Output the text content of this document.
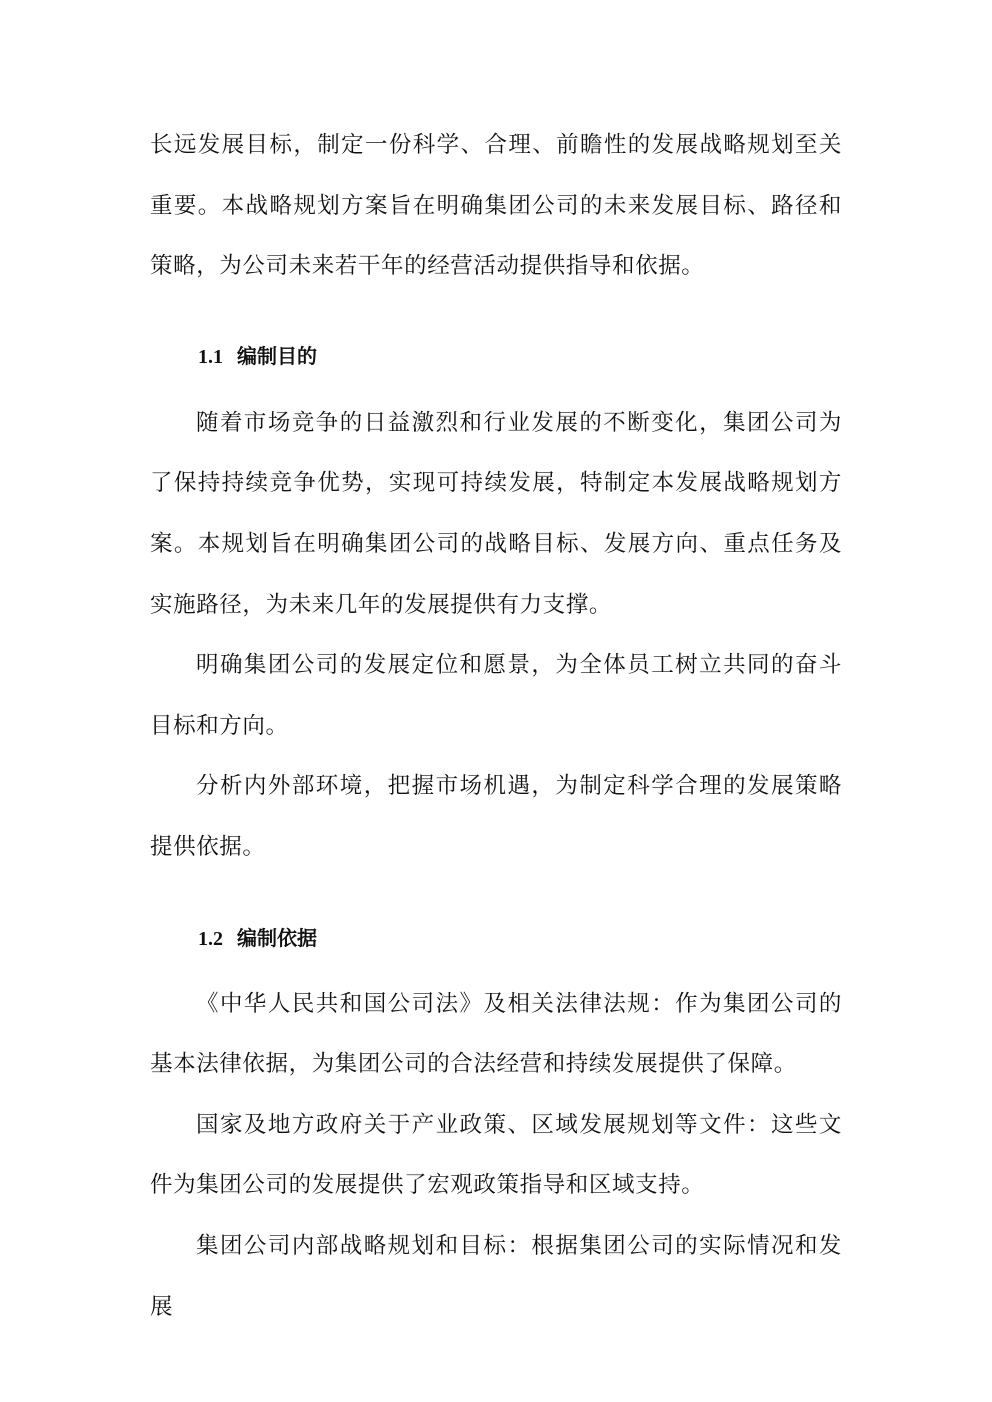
长远发展目标，制定一份科学、合理、前瞻性的发展战略规划至关重要。本战略规划方案旨在明确集团公司的未来发展目标、路径和策略，为公司未来若干年的经营活动提供指导和依据。

1.1 编制目的

随着市场竞争的日益激烈和行业发展的不断变化，集团公司为了保持持续竞争优势，实现可持续发展，特制定本发展战略规划方案。本规划旨在明确集团公司的战略目标、发展方向、重点任务及实施路径，为未来几年的发展提供有力支撑。

明确集团公司的发展定位和愿景，为全体员工树立共同的奋斗目标和方向。

分析内外部环境，把握市场机遇，为制定科学合理的发展策略提供依据。

1.2 编制依据

《中华人民共和国公司法》及相关法律法规：作为集团公司的基本法律依据，为集团公司的合法经营和持续发展提供了保障。

国家及地方政府关于产业政策、区域发展规划等文件：这些文件为集团公司的发展提供了宏观政策指导和区域支持。

集团公司内部战略规划和目标：根据集团公司的实际情况和发展
